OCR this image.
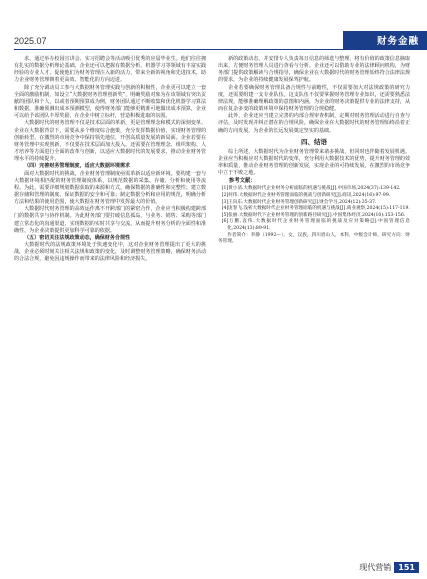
2025.07	财务金融

求，通过举办校园宣讲会、实习招聘会等活动吸引优秀的应届毕业生。他们往往拥有扎实的数据分析理论基础，企业还可以把握有数据分析、机器学习等领域有丰富实践经验的专业人才，促使他们为财务管理注入新的活力，带来全新的视角和先进技术，助力企业财务管理朝着更高效、智能化的方向迈进。

除了充分调动员工参与大数据财务管理实践与创新的积极性，企业更可以建立一套全面的激励机制，如设立“大数据财务管理创新奖”，明确奖励对象为在该领域有突出贡献的团队和个人，以或者预期预算成为例，财务团队通过不断收集和优化机器学习算法和数据，准确预测出成本预测模型，使得财务部门能够更精准可地做出成本预算，企业可以给予该团队丰厚奖励，在企业中树立标杆，营造积极进取的氛围。

大数据时代的财务管理不仅是技术层面的革新，更是管理理念和模式的深刻变革。企业在大数据背景下，需要从多个维度综合施策，充分发挥数据价值，实现财务管理的创新转型，在激烈的市场竞争中保持领先地位，开创高质量发展的新局面。企业若要在财务管理中实现创新，不仅要在技术层面加大投入，还需要在管理理念、组织架构、人才培养等方面进行全面的改革与创新，以适应大数据时代的发展要求，推动企业财务管理水平的持续提升。

（四）完善财务管理制度，适应大数据环境需求

面对大数据时代的挑战，企业财务管理制度亟需革新以适应新环境。要构建一套与大数据环境相匹配的财务管理制度体系，以规范数据的采集、存储、分析和使用等流程。为此，需要详细规划数据获取的来源和方式，确保数据的准确性和完整性；建立数据存储和管理的制度，保证数据的安全和可靠；制定数据分析和应用的规范，明确分析方法和结果的使用范围，使大数据在财务管理中发挥最大的价值。

大数据时代财务管理的高效运作离不开跨部门的紧密合作，企业应当积极构建跨部门的数据共享与协作机制。为此财务部门要打破信息孤岛，与业务、销售、采购等部门建立常态化的沟通渠道，实现数据的实时共享与交流，从而提升财务分析的全面性和准确性，为企业决策提供更加科学可靠的依据。

（五）密切关注法规政策动态，确保财务合规性

大数据时代的法规政策环境处于快速变化中，这对企业财务管理提出了更大的挑战，企业必须时刻关注相关法规和政策的变化，及时调整财务管理策略，确保财务活动的合法合规，避免因违规操作而带来的法律风险和经济损失。

新的政策动态，并安排专人负责每日信息的筛选与整理，将有价值的政策信息摘取出来，方便财务管理人员进行查看与分析。企业还可以借助专业的法律顾问机构，为财务部门提供政策解读与合规指导，确保企业在大数据时代的财务管理始终符合法律法规的要求，为企业的持续健康发展保驾护航。

企业若要确保财务管理具备合规性与前瞻性，不仅需要加大对法规政策的研究力度，还需要组建一支专业队伍。这支队伍不仅要掌握财务管理专业知识，还需要熟悉法律法规，能够准确理解政策的意图和内涵，为企业的财务决策提供专业的法律支持，从而在复杂多变的政策环境中保持财务管理的合规稳健。

此外，企业还应当建立完善的内部合规审查机制，定期对财务管理活动进行自查与评估，及时发现并纠正潜在的合规风险，确保企业在大数据时代的财务管理始终沿着正确的方向发展，为企业的长远发展奠定坚实的基础。

四、结语

综上所述，大数据时代为企业财务管理带来诸多挑战，但同时也伴随着发展机遇。企业应当积极应对大数据时代的变革，充分利用大数据技术的优势，提升财务管理的效率和质量，推动企业财务管理的创新发展，实现企业的可持续发展，在激烈的市场竞争中立于不败之地。

参考文献：

[1]黄小清.大数据时代企业财务分析面临的机遇与挑战[J].中国市场,2024(37):139-142.

[2]何伟.大数据时代企业财务管理面临的挑战与创新研究[J].商讯,2024(16):97-99.

[3]王向东.大数据时代企业财务管理创新研究[J].财会学习,2024(12):35-37.

[4]庞春飞.浅析大数据时代企业财务管理面临的机遇与挑战[J].商业观察,2024(15):117-119.

[5]张丽.大数据时代下企业财务管理的创新路径研究[J].中国集体经济,2024(10):153-156.

[6]万鹏,袁伟.大数据时代企业财务管理面临的挑战及应对策略[J].中国管理信息化,2024(13):89-91.

作者简介：李静（1992—），女，汉族，四川眉山人，本科，中级会计师，研究方向：财务管理。

现代营销 151
